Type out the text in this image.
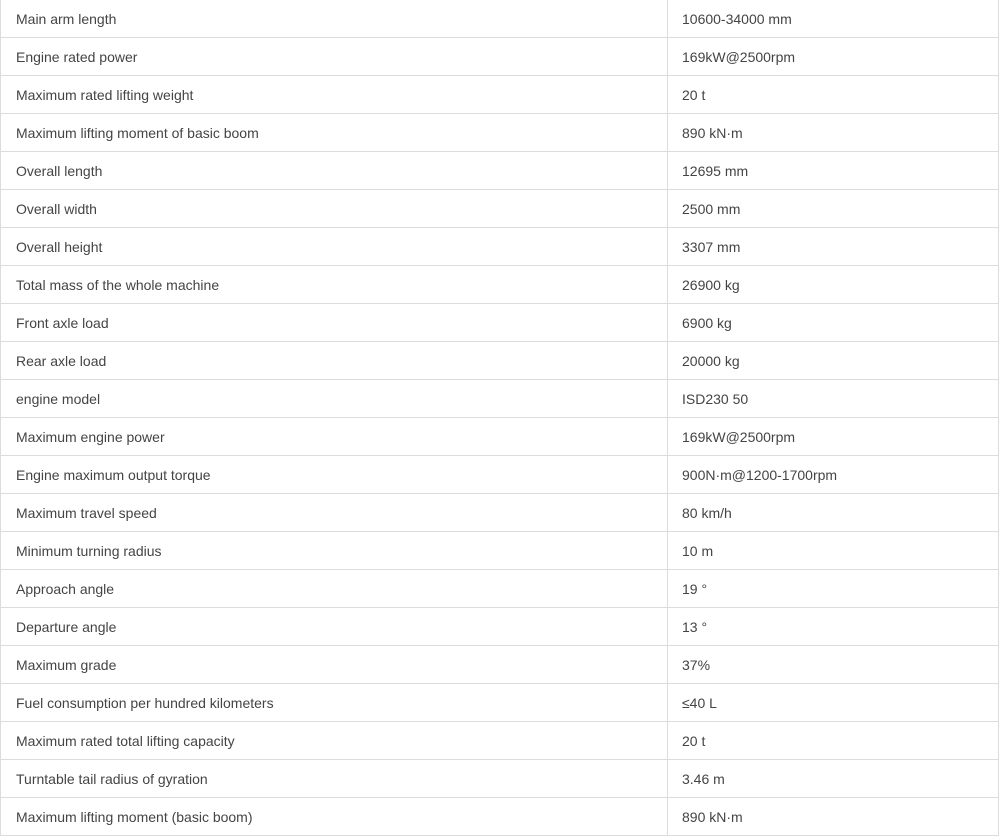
Main arm length	10600-34000 mm
Engine rated power	169kW@2500rpm
Maximum rated lifting weight	20 t
Maximum lifting moment of basic boom	890 kN·m
Overall length	12695 mm
Overall width	2500 mm
Overall height	3307 mm
Total mass of the whole machine	26900 kg
Front axle load	6900 kg
Rear axle load	20000 kg
engine model	ISD230 50
Maximum engine power	169kW@2500rpm
Engine maximum output torque	900N·m@1200-1700rpm
Maximum travel speed	80 km/h
Minimum turning radius	10 m
Approach angle	19 °
Departure angle	13 °
Maximum grade	37%
Fuel consumption per hundred kilometers	≤40 L
Maximum rated total lifting capacity	20 t
Turntable tail radius of gyration	3.46 m
Maximum lifting moment (basic boom)	890 kN·m
